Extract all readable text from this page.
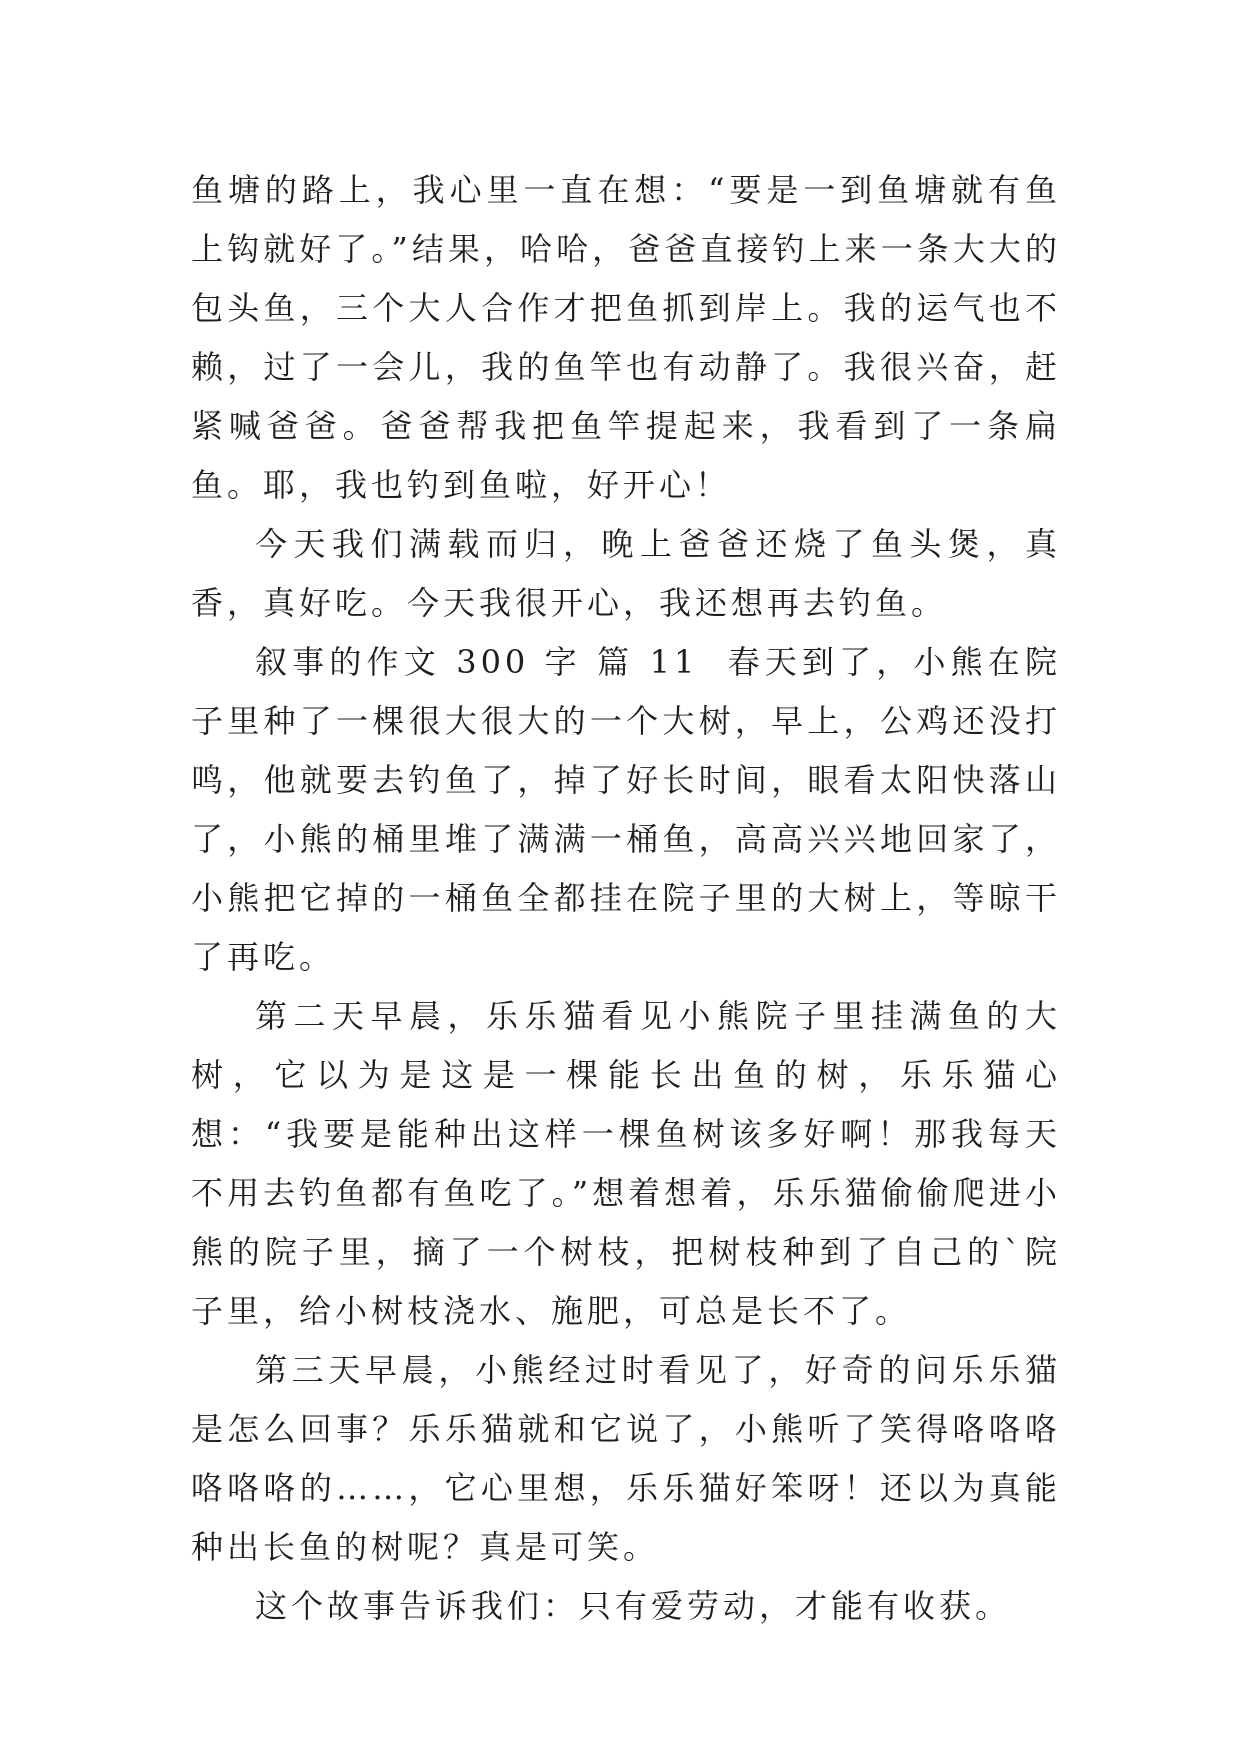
鱼塘的路上，我心里一直在想：“要是一到鱼塘就有鱼上钩就好了。”结果，哈哈，爸爸直接钓上来一条大大的包头鱼，三个大人合作才把鱼抓到岸上。我的运气也不赖，过了一会儿，我的鱼竿也有动静了。我很兴奋，赶紧喊爸爸。爸爸帮我把鱼竿提起来，我看到了一条扁鱼。耶，我也钓到鱼啦，好开心！

今天我们满载而归，晚上爸爸还烧了鱼头煲，真香，真好吃。今天我很开心，我还想再去钓鱼。

叙事的作文 300 字 篇 11 春天到了，小熊在院子里种了一棵很大很大的一个大树，早上，公鸡还没打鸣，他就要去钓鱼了，掉了好长时间，眼看太阳快落山了，小熊的桶里堆了满满一桶鱼，高高兴兴地回家了，小熊把它掉的一桶鱼全都挂在院子里的大树上，等晾干了再吃。

第二天早晨，乐乐猫看见小熊院子里挂满鱼的大树，它以为是这是一棵能长出鱼的树，乐乐猫心想：“我要是能种出这样一棵鱼树该多好啊！那我每天不用去钓鱼都有鱼吃了。”想着想着，乐乐猫偷偷爬进小熊的院子里，摘了一个树枝，把树枝种到了自己的`院子里，给小树枝浇水、施肥，可总是长不了。

第三天早晨，小熊经过时看见了，好奇的问乐乐猫是怎么回事？乐乐猫就和它说了，小熊听了笑得咯咯咯咯咯咯的……，它心里想，乐乐猫好笨呀！还以为真能种出长鱼的树呢？真是可笑。

这个故事告诉我们：只有爱劳动，才能有收获。
